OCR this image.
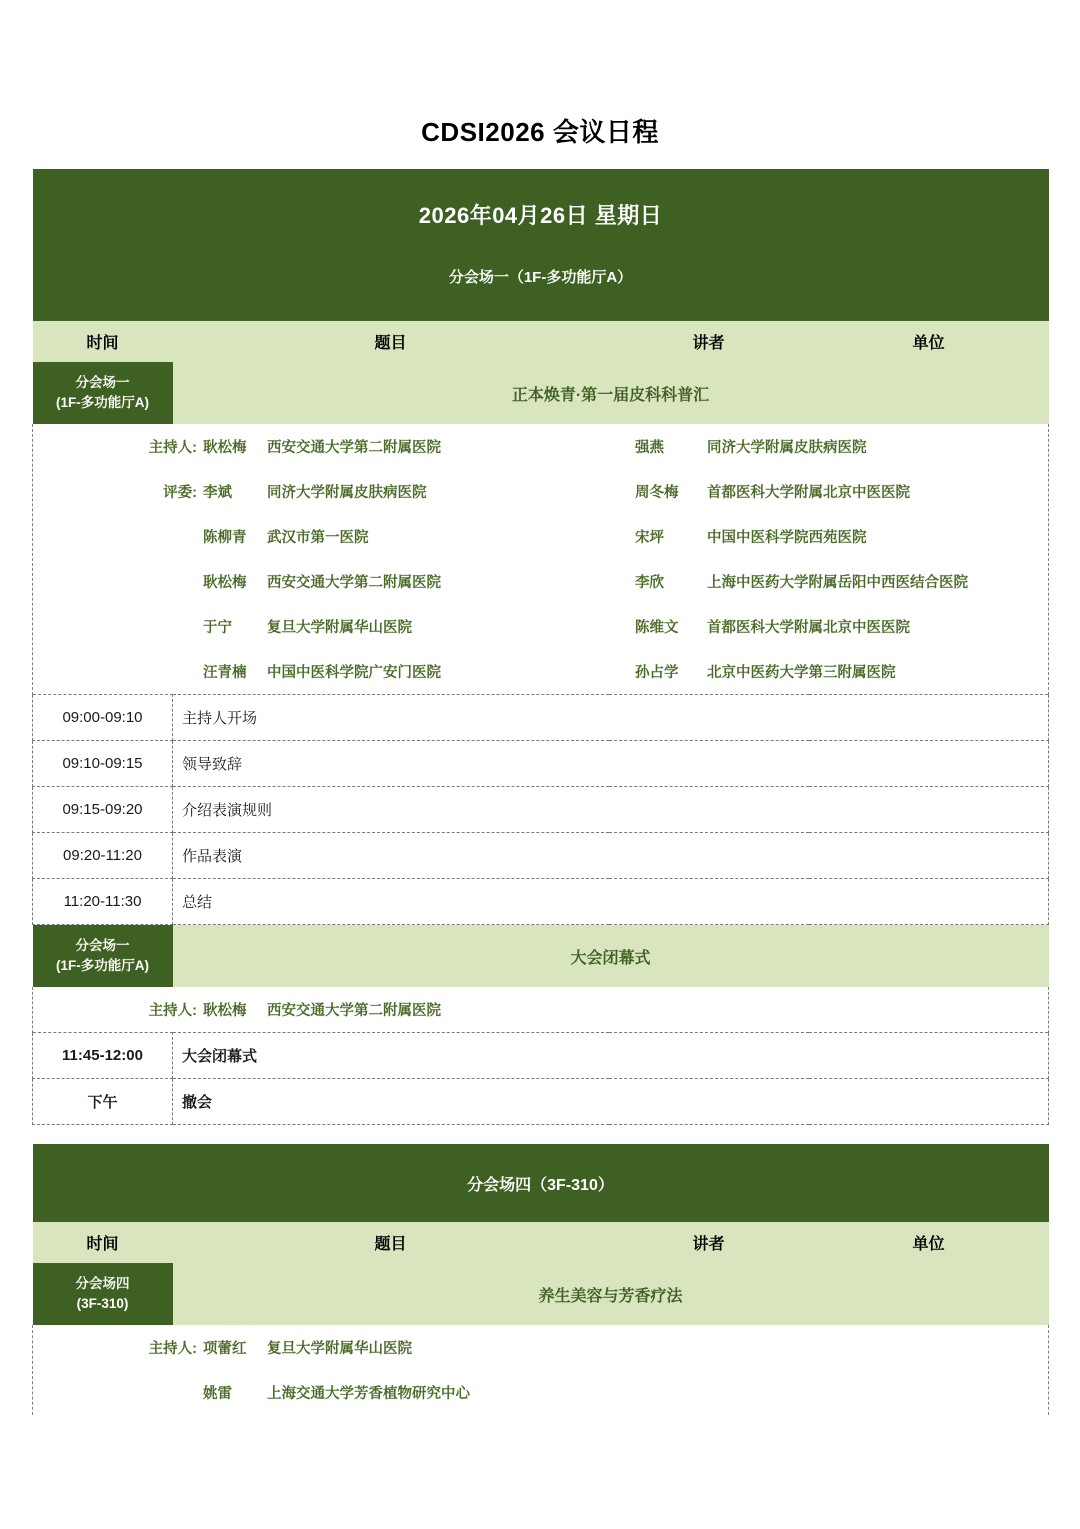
CDSI2026 会议日程
2026年04月26日 星期日
分会场一（1F-多功能厅A）			

时间	题目	讲者	单位

分会场一
(1F-多功能厅A)	正本焕青·第一届皮科科普汇		

主持人: 耿松梅	西安交通大学第二附属医院	强燕	同济大学附属皮肤病医院
评委: 李斌	同济大学附属皮肤病医院	周冬梅	首都医科大学附属北京中医医院
陈柳青	武汉市第一医院	宋坪	中国中医科学院西苑医院
耿松梅	西安交通大学第二附属医院	李欣	上海中医药大学附属岳阳中西医结合医院
于宁	复旦大学附属华山医院	陈维文	首都医科大学附属北京中医医院
汪青楠	中国中医科学院广安门医院	孙占学	北京中医药大学第三附属医院

09:00-09:10	主持人开场		
09:10-09:15	领导致辞		
09:15-09:20	介绍表演规则		
09:20-11:20	作品表演		
11:20-11:30	总结		

分会场一
(1F-多功能厅A)	大会闭幕式		

主持人: 耿松梅 西安交通大学第二附属医院			

11:45-12:00	大会闭幕式		
下午	撤会		
分会场四（3F-310）			

时间	题目	讲者	单位

分会场四
(3F-310)	养生美容与芳香疗法		

主持人: 项蕾红 复旦大学附属华山医院
姚雷 上海交通大学芳香植物研究中心			
